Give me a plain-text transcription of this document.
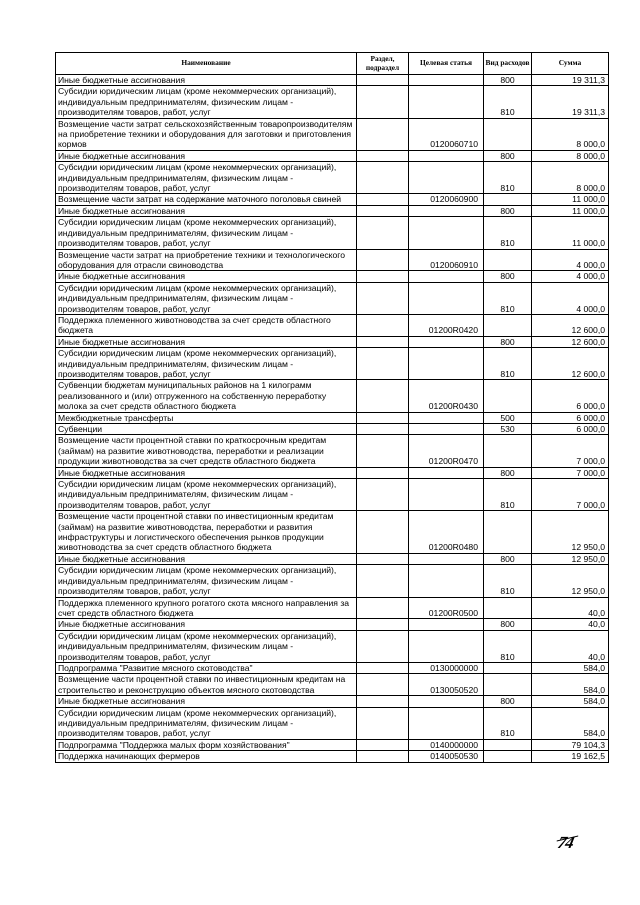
Наименование	Раздел, подраздел	Целевая статья	Вид расходов	Сумма
Иные бюджетные ассигнования			800	19 311,3
Субсидии юридическим лицам (кроме некоммерческих организаций), индивидуальным предпринимателям, физическим лицам - производителям товаров, работ, услуг			810	19 311,3
Возмещение части затрат сельскохозяйственным товаропроизводителям на приобретение техники и оборудования для заготовки и приготовления кормов		0120060710		8 000,0
Иные бюджетные ассигнования			800	8 000,0
Субсидии юридическим лицам (кроме некоммерческих организаций), индивидуальным предпринимателям, физическим лицам - производителям товаров, работ, услуг			810	8 000,0
Возмещение части затрат на содержание маточного поголовья свиней		0120060900		11 000,0
Иные бюджетные ассигнования			800	11 000,0
Субсидии юридическим лицам (кроме некоммерческих организаций), индивидуальным предпринимателям, физическим лицам - производителям товаров, работ, услуг			810	11 000,0
Возмещение части затрат на приобретение техники и технологического оборудования для отрасли свиноводства		0120060910		4 000,0
Иные бюджетные ассигнования			800	4 000,0
Субсидии юридическим лицам (кроме некоммерческих организаций), индивидуальным предпринимателям, физическим лицам - производителям товаров, работ, услуг			810	4 000,0
Поддержка племенного животноводства за счет средств областного бюджета		01200R0420		12 600,0
Иные бюджетные ассигнования			800	12 600,0
Субсидии юридическим лицам (кроме некоммерческих организаций), индивидуальным предпринимателям, физическим лицам - производителям товаров, работ, услуг			810	12 600,0
Субвенции бюджетам муниципальных районов на 1 килограмм реализованного и (или) отгруженного на собственную переработку молока за счет средств областного бюджета		01200R0430		6 000,0
Межбюджетные трансферты			500	6 000,0
Субвенции			530	6 000,0
Возмещение части процентной ставки по краткосрочным кредитам (займам) на развитие животноводства, переработки и реализации продукции животноводства за счет средств областного бюджета		01200R0470		7 000,0
Иные бюджетные ассигнования			800	7 000,0
Субсидии юридическим лицам (кроме некоммерческих организаций), индивидуальным предпринимателям, физическим лицам - производителям товаров, работ, услуг			810	7 000,0
Возмещение части процентной ставки по инвестиционным кредитам (займам) на развитие животноводства, переработки и развития инфраструктуры и логистического обеспечения рынков продукции животноводства за счет средств областного бюджета		01200R0480		12 950,0
Иные бюджетные ассигнования			800	12 950,0
Субсидии юридическим лицам (кроме некоммерческих организаций), индивидуальным предпринимателям, физическим лицам - производителям товаров, работ, услуг			810	12 950,0
Поддержка племенного крупного рогатого скота мясного направления за счет средств областного бюджета		01200R0500		40,0
Иные бюджетные ассигнования			800	40,0
Субсидии юридическим лицам (кроме некоммерческих организаций), индивидуальным предпринимателям, физическим лицам - производителям товаров, работ, услуг			810	40,0
Подпрограмма "Развитие мясного скотоводства"		0130000000		584,0
Возмещение части процентной ставки по инвестиционным кредитам на строительство и реконструкцию объектов мясного скотоводства		0130050520		584,0
Иные бюджетные ассигнования			800	584,0
Субсидии юридическим лицам (кроме некоммерческих организаций), индивидуальным предпринимателям, физическим лицам - производителям товаров, работ, услуг			810	584,0
Подпрограмма "Поддержка малых форм хозяйствования"		0140000000		79 104,3
Поддержка начинающих фермеров		0140050530		19 162,5
74
